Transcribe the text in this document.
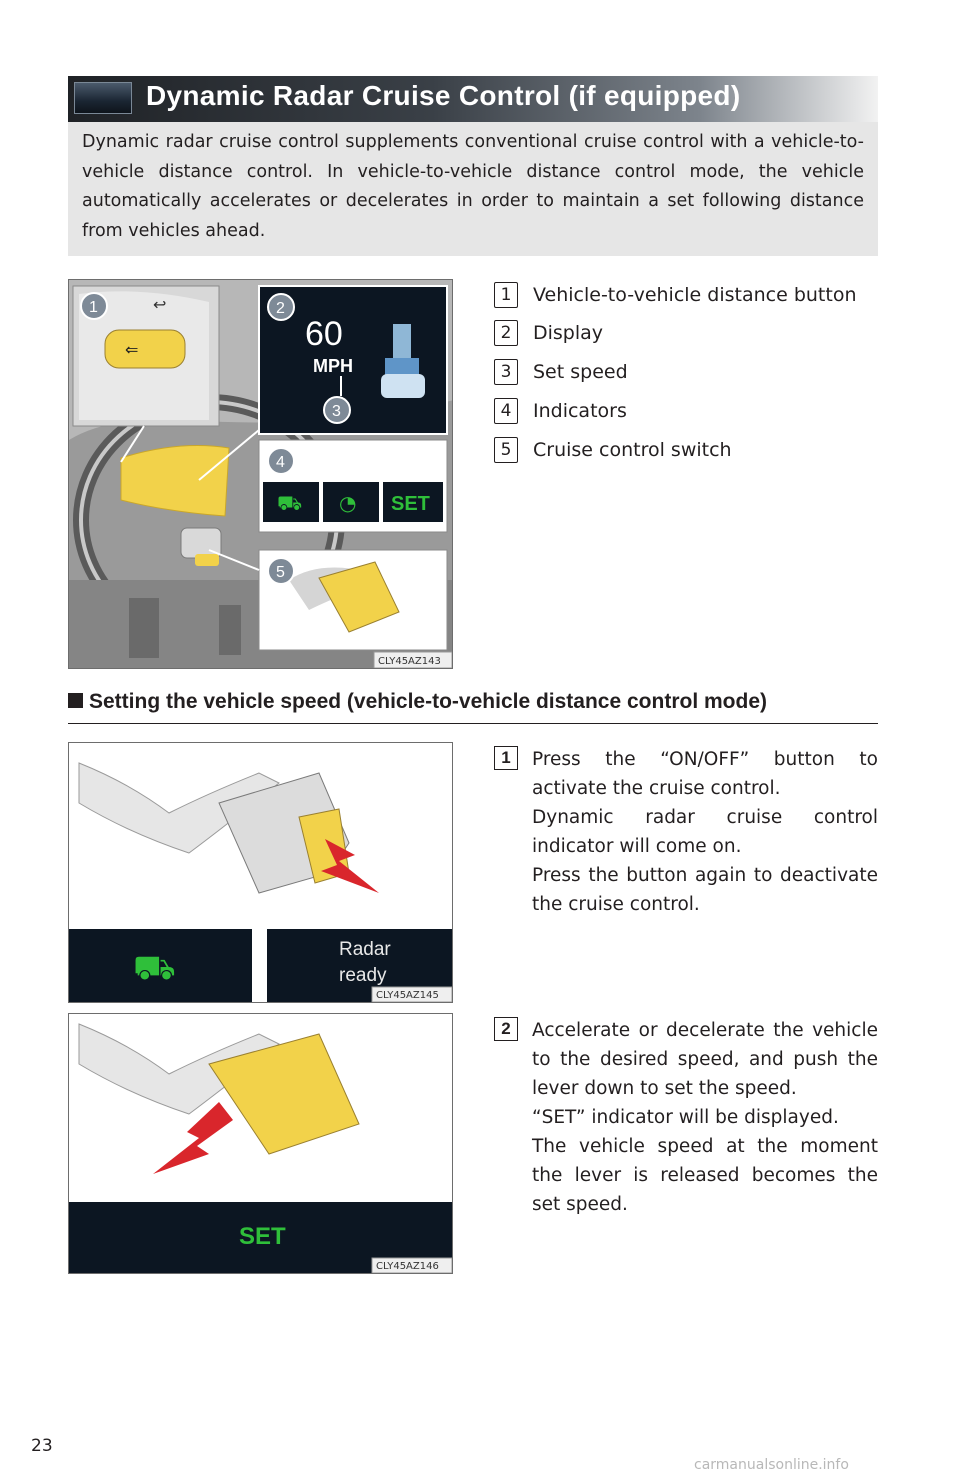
Dynamic Radar Cruise Control (if equipped)
Dynamic radar cruise control supplements conventional cruise control with a vehicle-to-vehicle distance control. In vehicle-to-vehicle distance control mode, the vehicle automatically accelerates or decelerates in order to maintain a set following distance from vehicles ahead.
⇐
↩
60
MPH
⛟ ◔ SET
CLY45AZ143
1	2
3
4
5
1	Vehicle-to-vehicle distance button
2	Display
3	Set speed
4	Indicators
5	Cruise control switch
Setting the vehicle speed (vehicle-to-vehicle distance control mode)
⛟	Radar
ready
CLY45AZ145
1	Press the “ON/OFF” button to activate the cruise control.

Dynamic radar cruise control indicator will come on.

Press the button again to deactivate the cruise control.

SET
CLY45AZ146
2	Accelerate or decelerate the vehicle to the desired speed, and push the lever down to set the speed.

“SET” indicator will be displayed.

The vehicle speed at the moment the lever is released becomes the set speed.

23
carmanualsonline.info
